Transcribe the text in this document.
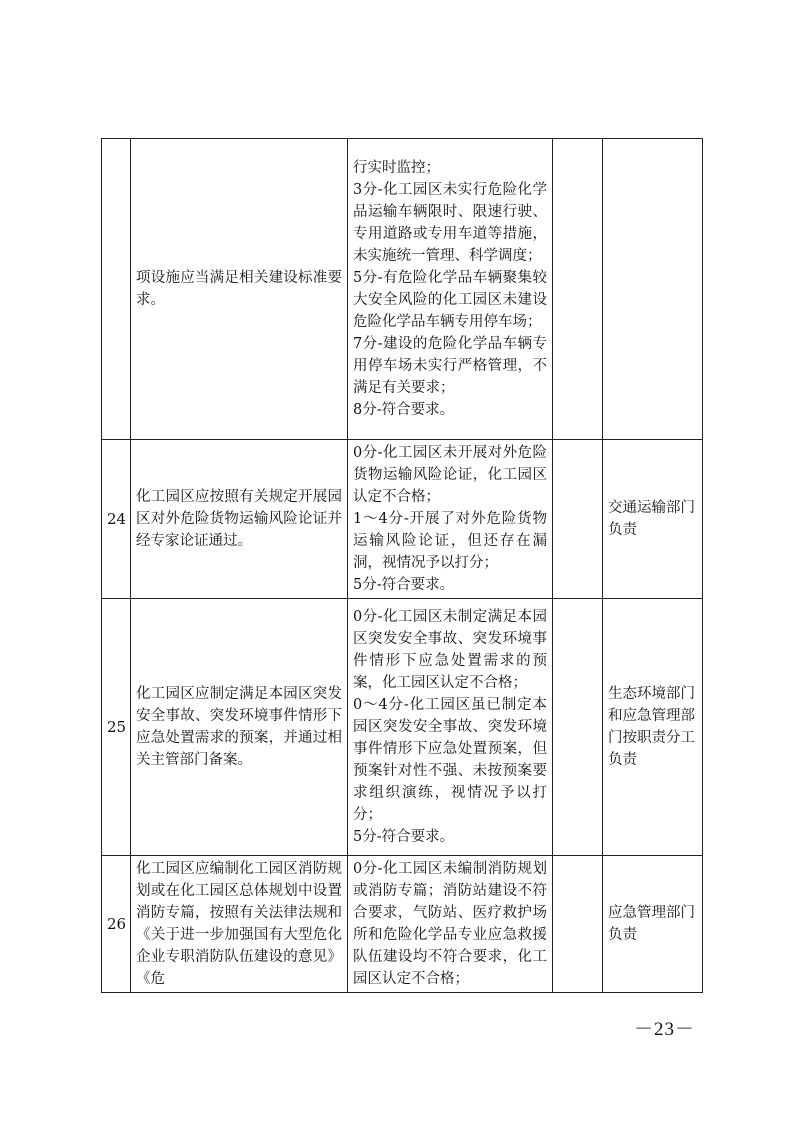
	项设施应当满足相关建设标准要求。	行实时监控；
3分-化工园区未实行危险化学品运输车辆限时、限速行驶、专用道路或专用车道等措施，未实施统一管理、科学调度；
5分-有危险化学品车辆聚集较大安全风险的化工园区未建设危险化学品车辆专用停车场；
7分-建设的危险化学品车辆专用停车场未实行严格管理，不满足有关要求；
8分-符合要求。		

24	化工园区应按照有关规定开展园区对外危险货物运输风险论证并经专家论证通过。	0分-化工园区未开展对外危险货物运输风险论证，化工园区认定不合格；
1～4分-开展了对外危险货物运输风险论证，但还存在漏洞，视情况予以打分；
5分-符合要求。		交通运输部门负责
25	化工园区应制定满足本园区突发安全事故、突发环境事件情形下应急处置需求的预案，并通过相关主管部门备案。	0分-化工园区未制定满足本园区突发安全事故、突发环境事件情形下应急处置需求的预案，化工园区认定不合格；
0～4分-化工园区虽已制定本园区突发安全事故、突发环境事件情形下应急处置预案，但预案针对性不强、未按预案要求组织演练，视情况予以打分；
5分-符合要求。		生态环境部门和应急管理部门按职责分工负责
26	化工园区应编制化工园区消防规划或在化工园区总体规划中设置消防专篇，按照有关法律法规和《关于进一步加强国有大型危化企业专职消防队伍建设的意见》《危	0分-化工园区未编制消防规划或消防专篇；消防站建设不符合要求，气防站、医疗救护场所和危险化学品专业应急救援队伍建设均不符合要求，化工园区认定不合格；		应急管理部门负责
－23－
